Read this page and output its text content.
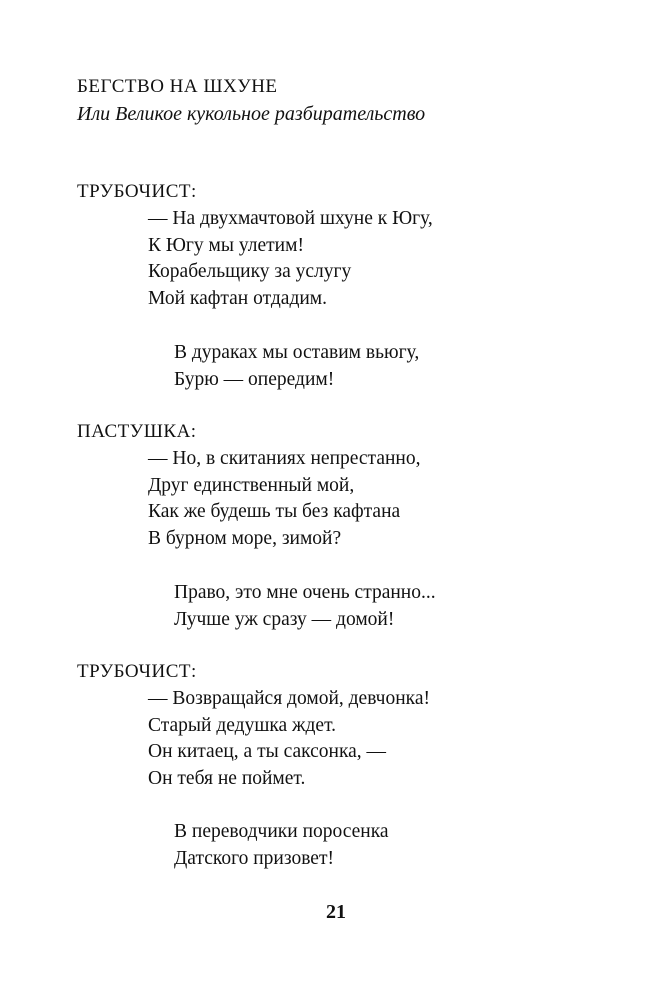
БЕГСТВО НА ШХУНЕ
Или Великое кукольное разбирательство
ТРУБОЧИСТ:
— На двухмачтовой шхуне к Югу,
К Югу мы улетим!
Корабельщику за услугу
Мой кафтан отдадим.
В дураках мы оставим вьюгу,
Бурю — опередим!
ПАСТУШКА:
— Но, в скитаниях непрестанно,
Друг единственный мой,
Как же будешь ты без кафтана
В бурном море, зимой?
Право, это мне очень странно...
Лучше уж сразу — домой!
ТРУБОЧИСТ:
— Возвращайся домой, девчонка!
Старый дедушка ждет.
Он китаец, а ты саксонка, —
Он тебя не поймет.
В переводчики поросенка
Датского призовет!
21
